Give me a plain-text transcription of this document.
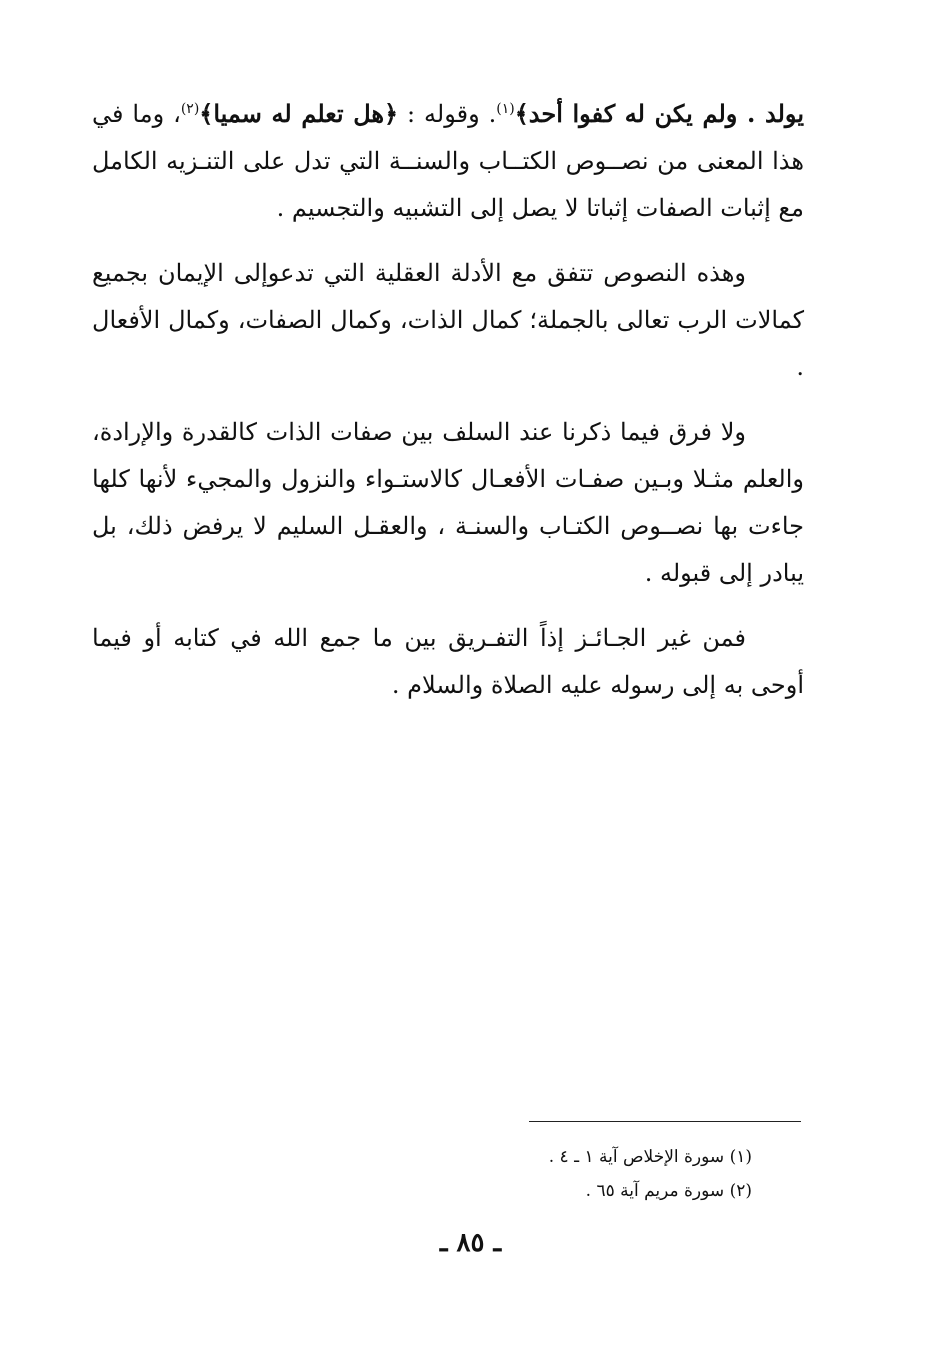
يولد . ولم يكن له كفوا أحد﴾$^{(١)}$. وقوله : ﴿هل تعلم له سميا﴾$^{(٢)}$، وما في هذا المعنى من نصــوص الكتــاب والسنــة التي تدل على التنـزيه الكامل مع إثبات الصفات إثباتا لا يصل إلى التشبيه والتجسيم .

وهذه النصوص تتفق مع الأدلة العقلية التي تدعوإلى الإيمان بجميع كمالات الرب تعالى بالجملة؛ كمال الذات، وكمال الصفات، وكمال الأفعال .

ولا فرق فيما ذكرنا عند السلف بين صفات الذات كالقدرة والإرادة، والعلم مثـلا وبـين صفـات الأفعـال كالاستـواء والنزول والمجيء لأنها كلها جاءت بها نصــوص الكتـاب والسنـة ، والعقـل السليم لا يرفض ذلك، بل يبادر إلى قبوله .

فمن غير الجـائـز إذاً التفـريق بين ما جمع الله في كتابه أو فيما أوحى به إلى رسوله عليه الصلاة والسلام .

(١) سورة الإخلاص آية ١ ـ ٤ .

(٢) سورة مريم آية ٦٥ .

ـ ٨٥ ـ
